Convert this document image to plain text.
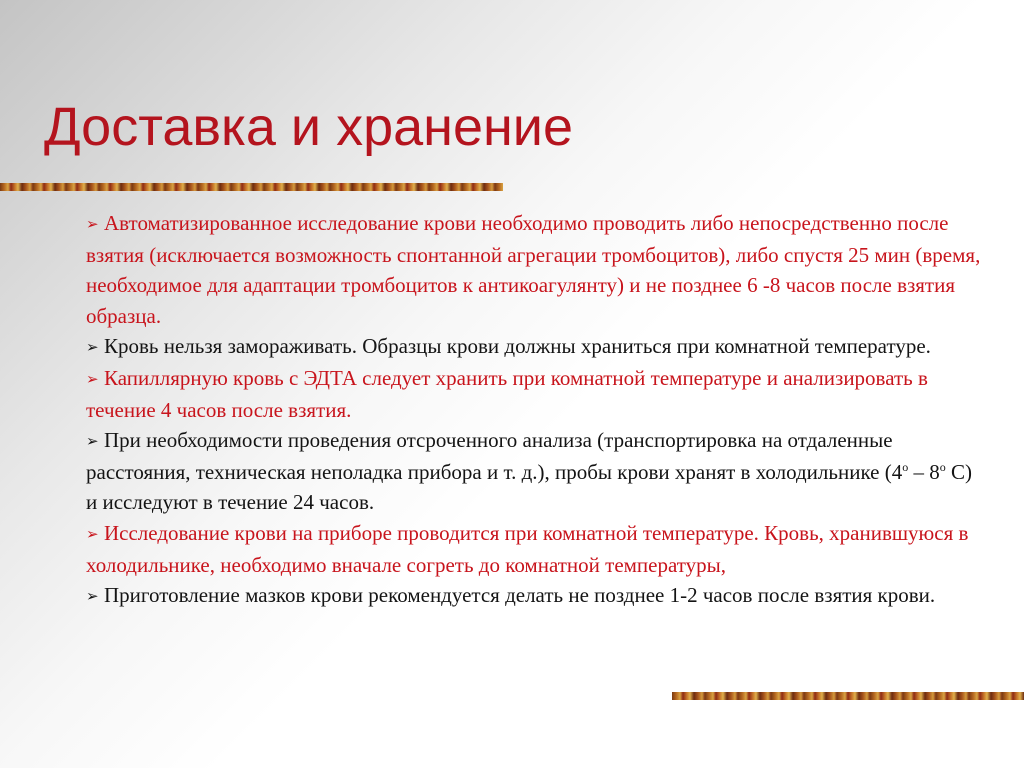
Доставка и хранение
➢ Автоматизированное исследование крови необходимо проводить либо непосредственно после взятия (исключается возможность спонтанной агрегации тромбоцитов), либо спустя 25 мин (время, необходимое для адаптации тромбоцитов к антикоагулянту) и не позднее 6 -8 часов после взятия образца.
➢ Кровь нельзя замораживать. Образцы крови должны храниться при комнатной температуре.
➢ Капиллярную кровь с ЭДТА следует хранить при комнатной температуре и анализировать в течение 4 часов после взятия.
➢ При необходимости проведения отсроченного анализа (транспортировка на отдаленные расстояния, техническая неполадка прибора и т. д.), пробы крови хранят в холодильнике ($4^о - 8^о$ С) и исследуют в течение 24 часов.
➢ Исследование крови на приборе проводится при комнатной температуре. Кровь, хранившуюся в холодильнике, необходимо вначале согреть до комнатной температуры,
➢ Приготовление мазков крови рекомендуется делать не позднее 1-2 часов после взятия крови.
